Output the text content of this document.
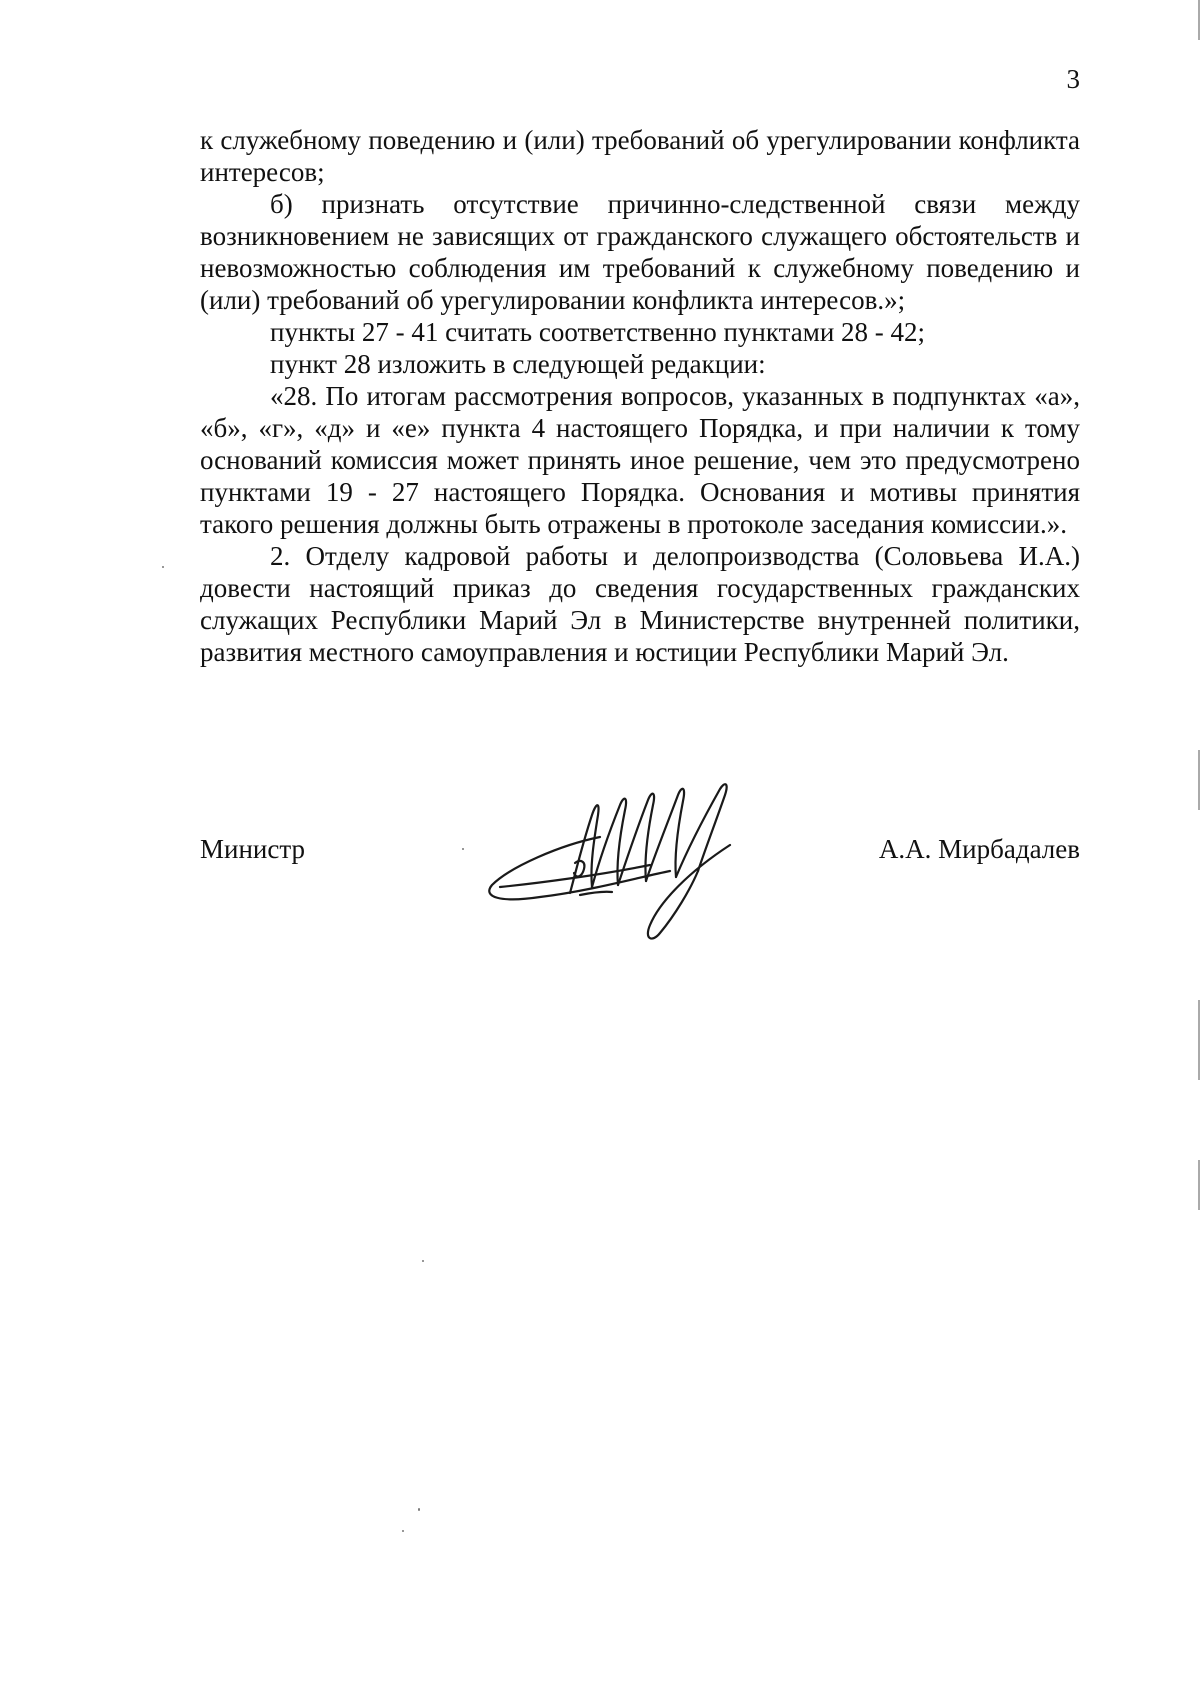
3

к служебному поведению и (или) требований об урегулировании конфликта интересов;

б) признать отсутствие причинно-следственной связи между возникновением не зависящих от гражданского служащего обстоятельств и невозможностью соблюдения им требований к служебному поведению и (или) требований об урегулировании конфликта интересов.»;

пункты 27 - 41 считать соответственно пунктами 28 - 42;

пункт 28 изложить в следующей редакции:

«28. По итогам рассмотрения вопросов, указанных в подпунктах «а», «б», «г», «д» и «е» пункта 4 настоящего Порядка, и при наличии к тому оснований комиссия может принять иное решение, чем это предусмотрено пунктами 19 - 27 настоящего Порядка. Основания и мотивы принятия такого решения должны быть отражены в протоколе заседания комиссии.».

2. Отделу кадровой работы и делопроизводства (Соловьева И.А.) довести настоящий приказ до сведения государственных гражданских служащих Республики Марий Эл в Министерстве внутренней политики, развития местного самоуправления и юстиции Республики Марий Эл.

Министр	А.А. Мирбадалев
